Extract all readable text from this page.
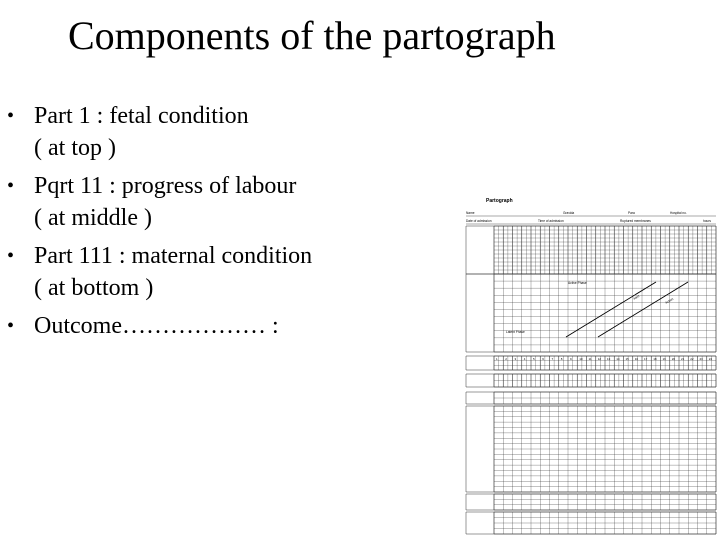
Components of the partograph
• Part 1 : fetal condition
( at top )
• Pqrt 11 : progress of labour
( at middle )
• Part 111 : maternal condition
( at bottom )
• Outcome……………… :
Partograph
Name	Gravida	Para	Hospital no.
Date of admission	Time of admission	Ruptured membranes	hours
Alert	Action
Active Phase
Latent Phase
1	2	3	4	5	6	7	8	9	10 11 12 13 14 15 16 17 18 19 20 21 22 23 24
